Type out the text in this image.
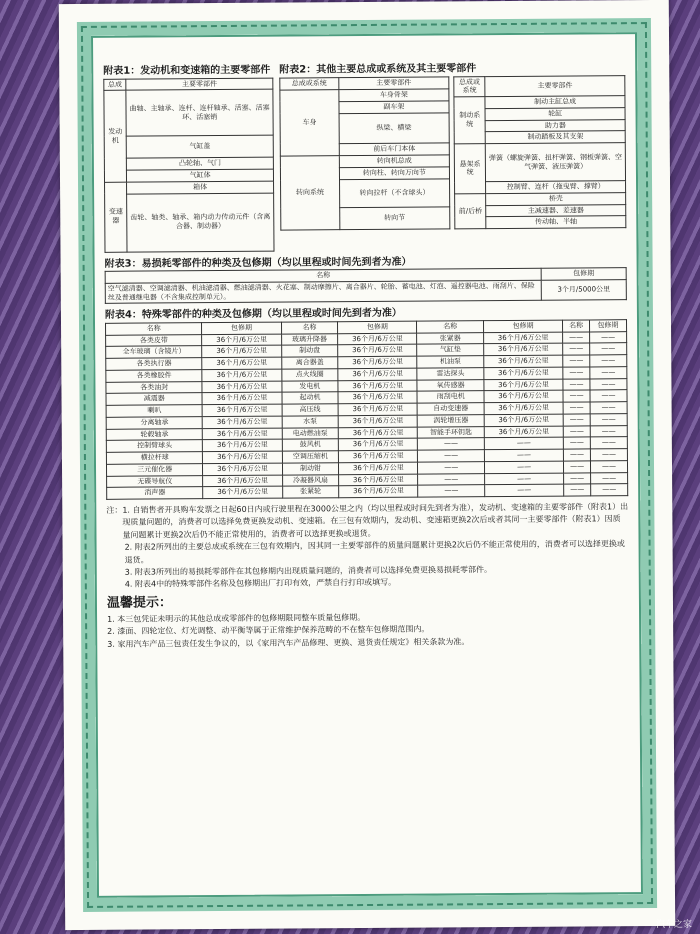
附表1：发动机和变速箱的主要零部件
总成	主要零部件
发动机	曲轴、主轴承、连杆、连杆轴承、活塞、活塞环、活塞销
	气缸盖
	凸轮轴、气门
	气缸体
变速器	箱体
	齿轮、轴类、轴承、箱内动力传动元件（含离合器、制动器）
附表2：其他主要总成或系统及其主要零部件
总成或系统	主要零部件
车身	车身骨架
	副车架
	纵梁、横梁
	前后车门本体
转向系统	转向机总成
	转向柱、转向万向节
	转向拉杆（不含球头）
	转向节
总成或系统	主要零部件
制动系统	制动主缸总成
	轮缸
	助力器
	制动踏板及其支架
悬架系统	弹簧（螺旋弹簧、扭杆弹簧、钢板弹簧、空气弹簧、液压弹簧）
	控制臂、连杆（拖曳臂、撑臂）
前/后桥	桥壳
	主减速器、差速器
	传动轴、半轴
附表3：易损耗零部件的种类及包修期（均以里程或时间先到者为准）
名称	包修期
空气滤清器、空调滤清器、机油滤清器、燃油滤清器、火花塞、制动摩擦片、离合器片、轮胎、蓄电池、灯泡、遥控器电池、雨刮片、保险丝及普通继电器（不含集成控制单元）。	3个月/5000公里
附表4：特殊零部件的种类及包修期（均以里程或时间先到者为准）
名称	包修期	名称	包修期	名称	包修期	名称	包修期
各类皮带	36个月/6万公里	玻璃升降器	36个月/6万公里	张紧器	36个月/6万公里	——	——
全车玻璃（含镜片）	36个月/6万公里	制动盘	36个月/6万公里	气缸垫	36个月/6万公里	——	——
各类执行器	36个月/6万公里	离合器盖	36个月/6万公里	机油泵	36个月/6万公里	——	——
各类橡胶件	36个月/6万公里	点火线圈	36个月/6万公里	雷达探头	36个月/6万公里	——	——
各类油封	36个月/6万公里	发电机	36个月/6万公里	氧传感器	36个月/6万公里	——	——
减震器	36个月/6万公里	起动机	36个月/6万公里	雨刮电机	36个月/6万公里	——	——
喇叭	36个月/6万公里	高压线	36个月/6万公里	自动变速器	36个月/6万公里	——	——
分离轴承	36个月/6万公里	水泵	36个月/6万公里	涡轮增压器	36个月/6万公里	——	——
轮毂轴承	36个月/6万公里	电动燃油泵	36个月/6万公里	智能手环钥匙	36个月/6万公里	——	——
控制臂球头	36个月/6万公里	鼓风机	36个月/6万公里	——	——	——	——
横拉杆球	36个月/6万公里	空调压缩机	36个月/6万公里	——	——	——	——
三元催化器	36个月/6万公里	制动钳	36个月/6万公里	——	——	——	——
无碟导航仪	36个月/6万公里	冷凝器风扇	36个月/6万公里	——	——	——	——
消声器	36个月/6万公里	张紧轮	36个月/6万公里	——	——	——	——
注： 1. 自销售者开具购车发票之日起60日内或行驶里程在3000公里之内（均以里程或时间先到者为准），发动机、变速箱的主要零部件（附表1）出现质量问题的，消费者可以选择免费更换发动机、变速箱。在三包有效期内，发动机、变速箱更换2次后或者其同一主要零部件（附表1）因质量问题累计更换2次后仍不能正常使用的，消费者可以选择更换或退货。
2. 附表2所列出的主要总成或系统在三包有效期内，因其同一主要零部件的质量问题累计更换2次后仍不能正常使用的，消费者可以选择更换或退货。
3. 附表3所列出的易损耗零部件在其包修期内出现质量问题的，消费者可以选择免费更换易损耗零部件。
4. 附表4中的特殊零部件名称及包修期出厂打印有效，严禁自行打印或填写。
温馨提示：
1. 本三包凭证未明示的其他总成或零部件的包修期限同整车质量包修期。
2. 漆面、四轮定位、灯光调整、动平衡等属于正常维护保养范畴的不在整车包修期范围内。
3. 家用汽车产品三包责任发生争议的，以《家用汽车产品修理、更换、退货责任规定》相关条款为准。
汽车之家
